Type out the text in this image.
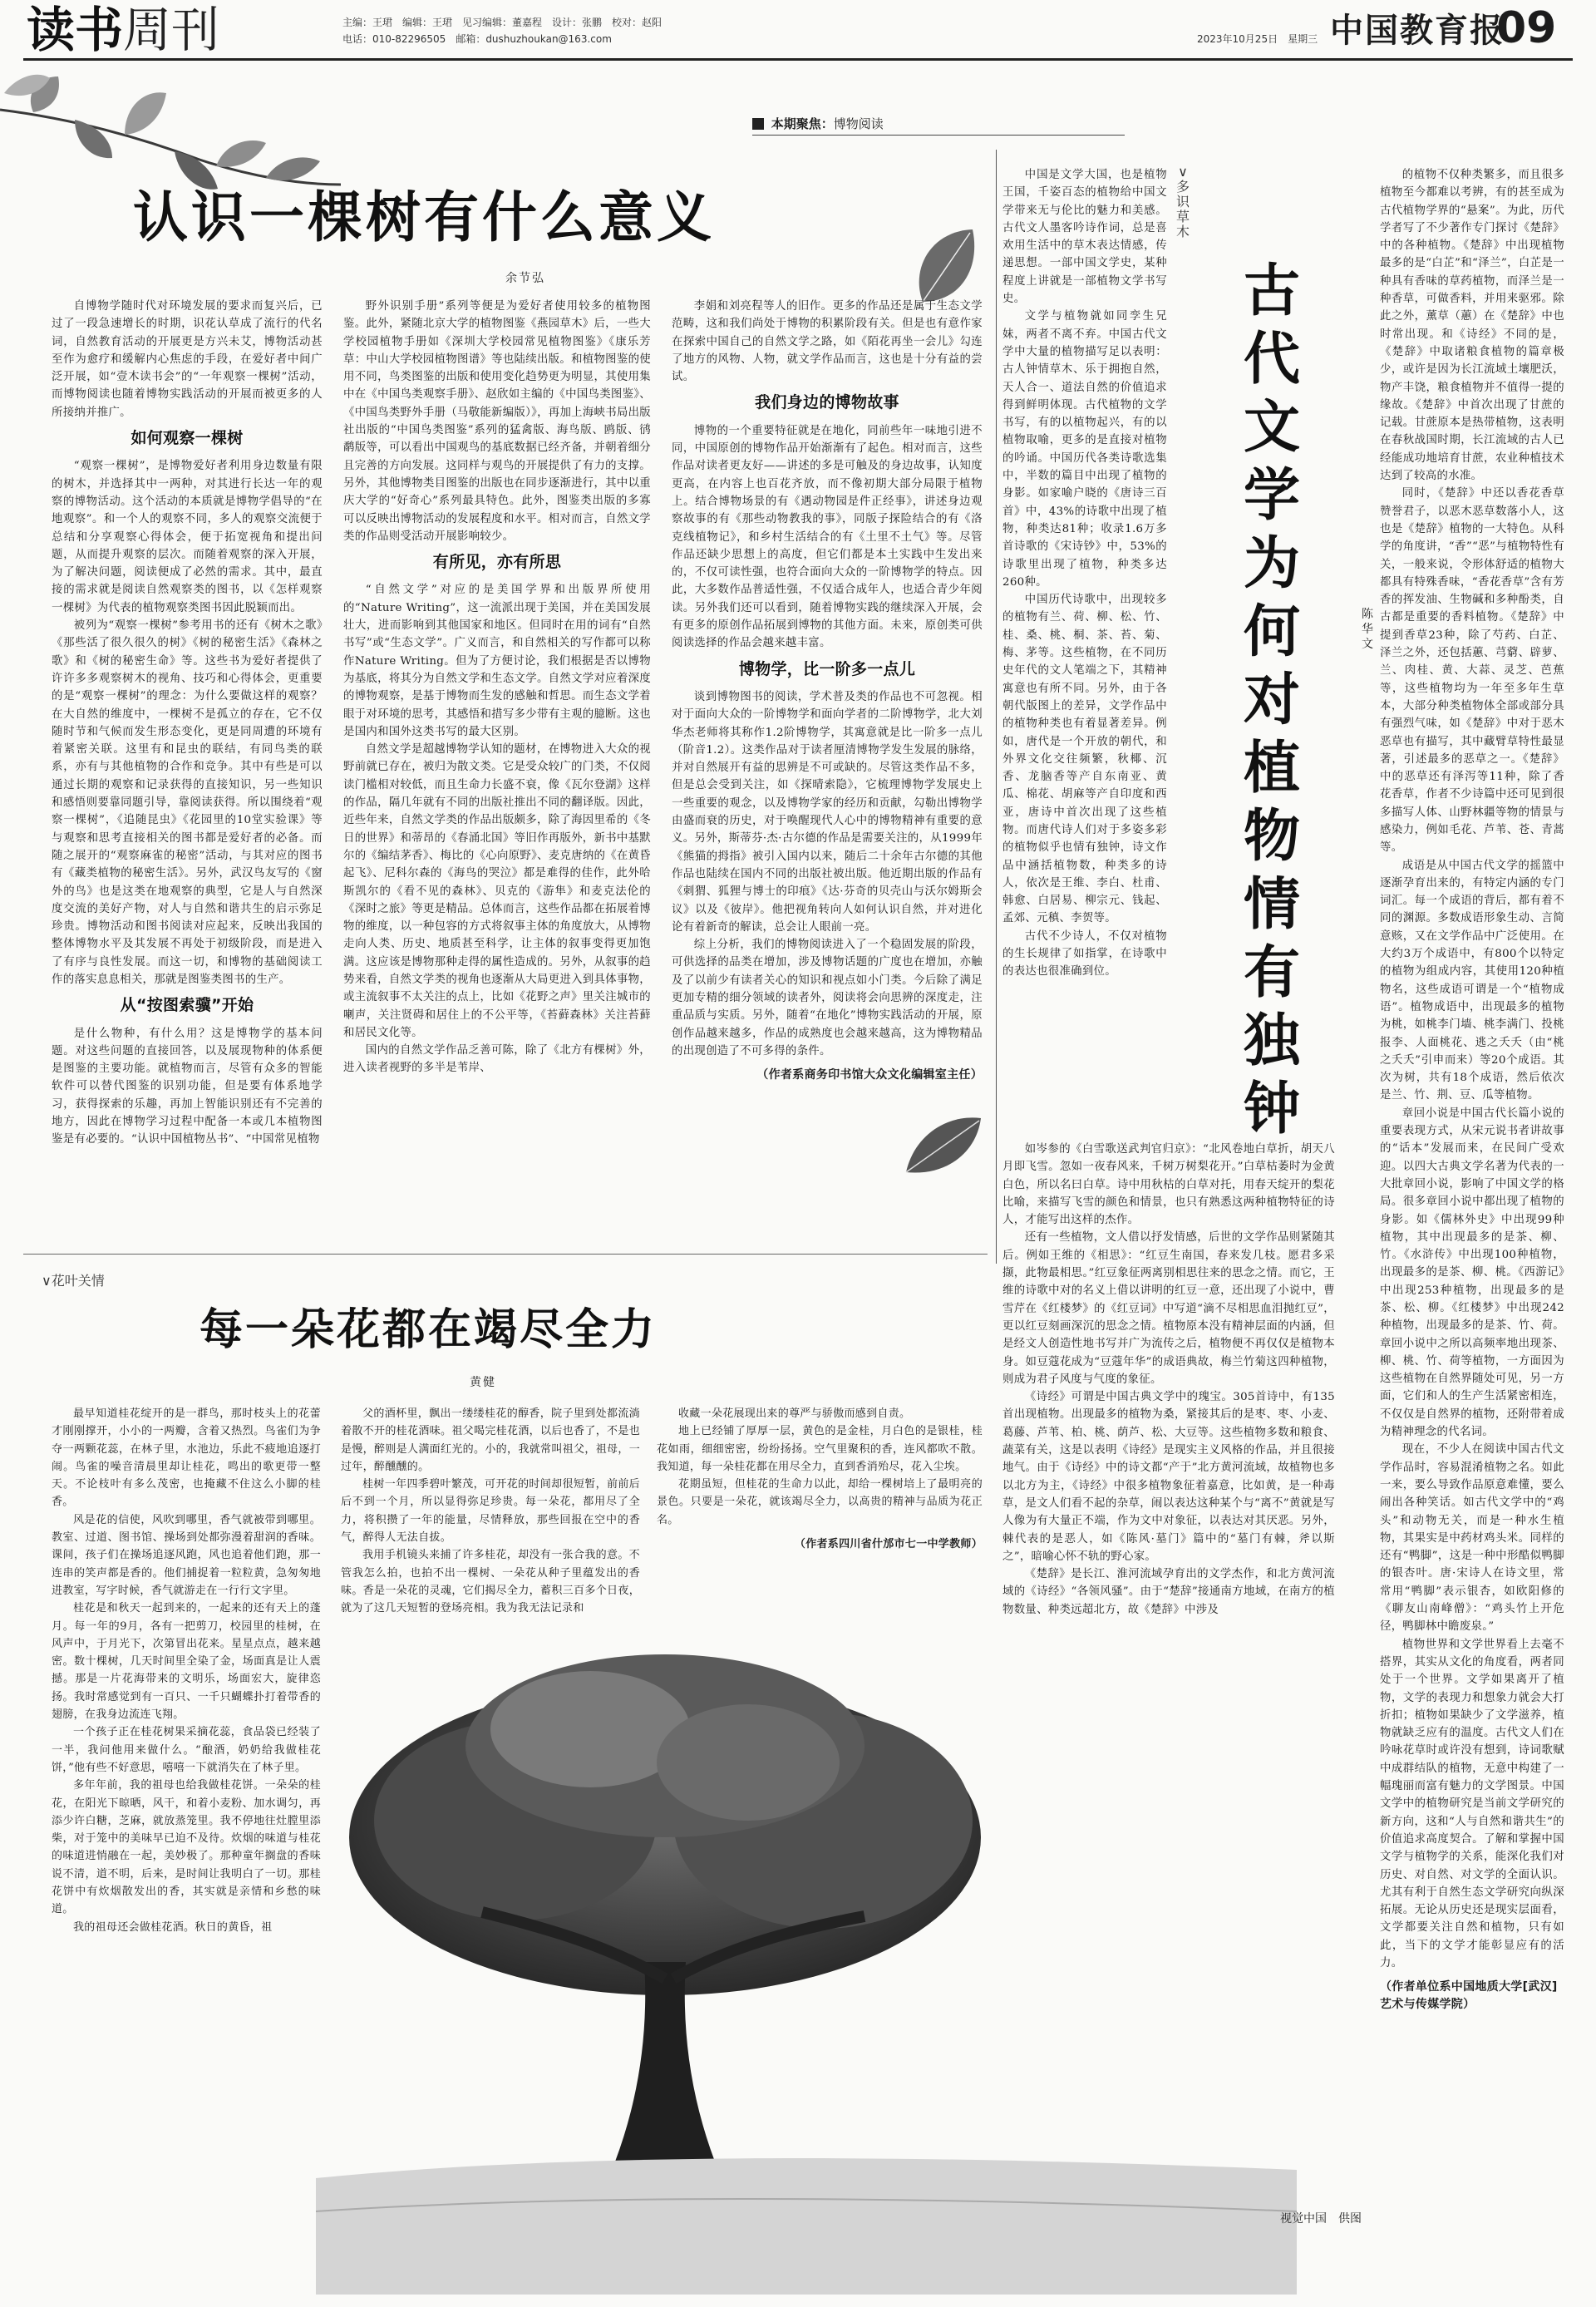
读书周刊	主编：王珺　编辑：王珺　见习编辑：董嘉程　设计：张鹏　校对：赵阳
电话：010-82296505　邮箱：dushuzhoukan@163.com	2023年10月25日　星期三 中国教育报
09
本期聚焦：博物阅读
认识一棵树有什么意义
余节弘

自博物学随时代对环境发展的要求而复兴后，已过了一段急速增长的时期，识花认草成了流行的代名词，自然教育活动的开展更是方兴未艾，博物活动甚至作为愈疗和缓解内心焦虑的手段，在爱好者中间广泛开展，如“壹木读书会”的“一年观察一棵树”活动，而博物阅读也随着博物实践活动的开展而被更多的人所接纳并推广。

如何观察一棵树

“观察一棵树”，是博物爱好者利用身边数量有限的树木，并选择其中一两种，对其进行长达一年的观察的博物活动。这个活动的本质就是博物学倡导的“在地观察”。和一个人的观察不同，多人的观察交流便于总结和分享观察心得体会，便于拓宽视角和提出问题，从而提升观察的层次。而随着观察的深入开展，为了解决问题，阅读便成了必然的需求。其中，最直接的需求就是阅读自然观察类的图书，以《怎样观察一棵树》为代表的植物观察类图书因此脱颖而出。

被列为“观察一棵树”参考用书的还有《树木之歌》《那些活了很久很久的树》《树的秘密生活》《森林之歌》和《树的秘密生命》等。这些书为爱好者提供了许许多多观察树木的视角、技巧和心得体会，更重要的是“观察一棵树”的理念：为什么要做这样的观察？在大自然的维度中，一棵树不是孤立的存在，它不仅随时节和气候而发生形态变化，更是同周遭的环境有着紧密关联。这里有和昆虫的联结，有同鸟类的联系，亦有与其他植物的合作和竞争。其中有些是可以通过长期的观察和记录获得的直接知识，另一些知识和感悟则要靠同题引导，靠阅读获得。所以围绕着“观察一棵树”，《追随昆虫》《花园里的10堂实验课》等与观察和思考直接相关的图书都是爱好者的必备。而随之展开的“观察麻雀的秘密”活动，与其对应的图书有《藏类植物的秘密生活》。另外，武汉鸟友写的《窗外的鸟》也是这类在地观察的典型，它是人与自然深度交流的美好产物，对人与自然和谐共生的启示弥足珍贵。博物活动和图书阅读对应起来，反映出我国的整体博物水平及其发展不再处于初级阶段，而是进入了有序与良性发展。而这一切，和博物的基础阅读工作的落实息息相关，那就是图鉴类图书的生产。

从“按图索骥”开始

是什么物种，有什么用？这是博物学的基本问题。对这些问题的直接回答，以及展现物种的体系便是图鉴的主要功能。就植物而言，尽管有众多的智能软件可以替代图鉴的识别功能，但是要有体系地学习，获得探索的乐趣，再加上智能识别还有不完善的地方，因此在博物学习过程中配备一本或几本植物图鉴是有必要的。“认识中国植物丛书”、“中国常见植物

野外识别手册”系列等便是为爱好者使用较多的植物图鉴。此外，紧随北京大学的植物图鉴《燕园草木》后，一些大学校园植物手册如《深圳大学校园常见植物图鉴》《康乐芳草：中山大学校园植物图谱》等也陆续出版。和植物图鉴的使用不同，鸟类图鉴的出版和使用变化趋势更为明显，其使用集中在《中国鸟类观察手册》、赵欣如主编的《中国鸟类图鉴》、《中国鸟类野外手册（马敬能新编版）》，再加上海峡书局出版社出版的“中国鸟类图鉴”系列的猛禽版、海鸟版、鸥版、鸻鹬版等，可以看出中国观鸟的基底数据已经齐备，并朝着细分且完善的方向发展。这同样与观鸟的开展提供了有力的支撑。另外，其他博物类目图鉴的出版也在同步逐渐进行，其中以重庆大学的“好奇心”系列最具特色。此外，图鉴类出版的多寡可以反映出博物活动的发展程度和水平。相对而言，自然文学类的作品则受活动开展影响较少。

有所见，亦有所思

“自然文学”对应的是美国学界和出版界所使用的“Nature Writing”，这一流派出现于美国，并在美国发展壮大，进而影响到其他国家和地区。但同时在用的词有“自然书写”或“生态文学”。广义而言，和自然相关的写作都可以称作Nature Writing。但为了方便讨论，我们根据是否以博物为基底，将其分为自然文学和生态文学。自然文学对应着深度的博物观察，是基于博物而生发的感触和哲思。而生态文学着眼于对环境的思考，其感悟和措写多少带有主观的臆断。这也是国内和国外这类书写的最大区别。

自然文学是超越博物学认知的题材，在博物进入大众的视野前就已存在，被归为散文类。它是受众较广的门类，不仅阅读门槛相对较低，而且生命力长盛不衰，像《瓦尔登湖》这样的作品，隔几年就有不同的出版社推出不同的翻译版。因此，近些年来，自然文学类的作品出版颇多，除了海因里希的《冬日的世界》和蒂昂的《春涌北国》等旧作再版外，新书中基默尔的《编结茅香》、梅比的《心向原野》、麦克唐纳的《在黄昏起飞》、尼科尔森的《海鸟的哭泣》都是难得的佳作，此外哈斯凯尔的《看不见的森林》、贝克的《游隼》和麦克法伦的《深时之旅》等更是精品。总体而言，这些作品都在拓展着博物的维度，以一种包容的方式将叙事主体的角度放大，从博物走向人类、历史、地质甚至科学，让主体的叙事变得更加饱满。这应该是博物那种走得的属性造成的。另外，从叙事的趋势来看，自然文学类的视角也逐渐从大局更进入到具体事物，或主流叙事不太关注的点上，比如《花野之声》里关注城市的喇声，关注贤碍和居住上的不公平等，《苔藓森林》关注苔藓和居民文化等。

国内的自然文学作品乏善可陈，除了《北方有棵树》外，进入读者视野的多半是苇岸、

李娟和刘亮程等人的旧作。更多的作品还是属于生态文学范畴，这和我们尚处于博物的积累阶段有关。但是也有意作家在探索中国自己的自然文学之路，如《陌花再坐一会儿》勾连了地方的风物、人物，就文学作品而言，这也是十分有益的尝试。

我们身边的博物故事

博物的一个重要特征就是在地化，同前些年一味地引进不同，中国原创的博物作品开始渐渐有了起色。相对而言，这些作品对读者更友好——讲述的多是可触及的身边故事，认知度更高，在内容上也百花齐放，而不像初期大部分局限于植物上。结合博物场景的有《遇动物园是件正经事》，讲述身边观察故事的有《那些动物教我的事》，同版子探险结合的有《洛克线植物记》，和乡村生活结合的有《土里不土气》等。尽管作品还缺少思想上的高度，但它们都是本土实践中生发出来的，不仅可读性强，也符合面向大众的一阶博物学的特点。因此，大多数作品普适性强，不仅适合成年人，也适合青少年阅读。另外我们还可以看到，随着博物实践的继续深入开展，会有更多的原创作品拓展到博物的其他方面。未来，原创类可供阅读选择的作品会越来越丰富。

博物学，比一阶多一点儿

谈到博物图书的阅读，学术普及类的作品也不可忽视。相对于面向大众的一阶博物学和面向学者的二阶博物学，北大刘华杰老师将其称作1.2阶博物学，其寓意就是比一阶多一点儿（阶音1.2）。这类作品对于读者厘清博物学发生发展的脉络，并对自然展开有益的思辨是不可或缺的。尽管这类作品不多，但是总会受到关注，如《探晴索隐》，它梳理博物学发展史上一些重要的观念，以及博物学家的经历和贡献，勾勒出博物学由盛而衰的历史，对于唤醒现代人心中的博物精神有重要的意义。另外，斯蒂芬·杰·古尔德的作品是需要关注的，从1999年《熊猫的拇指》被引入国内以来，随后二十余年古尔德的其他作品也陆续在国内不同的出版社被出版。他近期出版的作品有《刺猬、狐狸与博士的印痕》《达·芬奇的贝壳山与沃尔姆斯会议》以及《彼岸》。他把视角转向人如何认识自然，并对进化论有着新奇的解读，总会让人眼前一亮。

综上分析，我们的博物阅读进入了一个稳固发展的阶段，可供选择的品类在增加，涉及博物话题的广度也在增加，亦触及了以前少有读者关心的知识和视点如小门类。今后除了满足更加专精的细分领域的读者外，阅读将会向思辨的深度走，注重品质与实质。另外，随着“在地化”博物实践活动的开展，原创作品越来越多，作品的成熟度也会越来越高，这为博物精品的出现创造了不可多得的条件。

（作者系商务印书馆大众文化编辑室主任）
∨花叶关情
每一朵花都在竭尽全力
黄健

最早知道桂花绽开的是一群鸟，那时枝头上的花蕾才刚刚撑开，小小的一两瓣，含着又热烈。鸟雀们为争夺一两颗花蕊，在林子里，水池边，乐此不疲地追逐打闹。鸟雀的噪音清晨里却让桂花，鸣出的歌更带一整天。不论枝叶有多么茂密，也掩藏不住这么小脚的桂香。

风是花的信使，风吹到哪里，香气就被带到哪里。教室、过道、图书馆、操场到处都弥漫着甜润的香味。课间，孩子们在操场追逐风跑，风也追着他们跑，那一连串的笑声都是香的。他们捕捉着一粒粒黄，急匆匆地进教室，写字时候，香气就游走在一行行文字里。

桂花是和秋天一起到来的，一起来的还有天上的蓬月。每一年的9月，各有一把剪刀，校园里的桂树，在风声中，于月光下，次第冒出花来。星星点点，越来越密。数十棵树，几天时间里全染了金，场面真是让人震撼。那是一片花海带来的文明乐，场面宏大，旋律恣扬。我时常感觉到有一百只、一千只蝴蝶扑打着带香的翅膀，在我身边流连飞翔。

一个孩子正在桂花树果采摘花蕊，食品袋已经装了一半，我问他用来做什么。“酿酒，奶奶给我做桂花饼，”他有些不好意思，嘻嘻一下就消失在了林子里。

多年年前，我的祖母也给我做桂花饼。一朵朵的桂花，在阳光下晾晒，风干，和着小麦粉、加水调匀，再添少许白糖，芝麻，就放蒸笼里。我不停地往灶膛里添柴，对于笼中的美味早已迫不及待。炊烟的味道与桂花的味道进悄融在一起，美妙极了。那种童年搁盘的香味说不清，道不明，后来，是时间让我明白了一切。那桂花饼中有炊烟散发出的香，其实就是亲情和乡愁的味道。

我的祖母还会做桂花酒。秋日的黄昏，祖

父的酒杯里，飘出一缕缕桂花的醇香，院子里到处都流淌着散不开的桂花酒味。祖父喝完桂花酒，以后也香了，不是也是慢，醉则是人满面红光的。小的，我就常叫祖父，祖母，一过年，醉醺醺的。

桂树一年四季碧叶繁茂，可开花的时间却很短暂，前前后后不到一个月，所以显得弥足珍贵。每一朵花，都用尽了全力，将积攒了一年的能量，尽情释放，那些回报在空中的香气，醉得人无法自拔。

我用手机镜头来捕了许多桂花，却没有一张合我的意。不管我怎么拍，也拍不出一棵树、一朵花从种子里蕴发出的香味。香是一朵花的灵魂，它们揭尽全力，蓄积三百多个日夜，就为了这几天短暂的登场亮相。我为我无法记录和

收藏一朵花展现出来的尊严与骄傲而感到自责。

地上已经铺了厚厚一层，黄色的是金桂，月白色的是银桂，桂花如雨，细细密密，纷纷扬扬。空气里聚积的香，连风都吹不散。我知道，每一朵桂花都在用尽全力，直到香消殆尽，花入尘埃。

花期虽短，但桂花的生命力以此，却给一棵树培上了最明亮的景色。只要是一朵花，就该竭尽全力，以高贵的精神与品质为花正名。

（作者系四川省什邡市七一中学教师）
视觉中国　供图
∨
多识草木
古代文学为何对植物情有独钟
陈华文

中国是文学大国，也是植物王国，千姿百态的植物给中国文学带来无与伦比的魅力和美感。古代文人墨客吟诗作词，总是喜欢用生活中的草木表达情感，传递思想。一部中国文学史，某种程度上讲就是一部植物文学书写史。

文学与植物就如同孪生兄妹，两者不离不弃。中国古代文学中大量的植物描写足以表明：古人钟情草木、乐于拥抱自然，天人合一、道法自然的价值追求得到鲜明体现。古代植物的文学书写，有的以植物起兴，有的以植物取喻，更多的是直接对植物的吟诵。中国历代各类诗歌选集中，半数的篇目中出现了植物的身影。如家喻户晓的《唐诗三百首》中，43%的诗歌中出现了植物，种类达81种；收录1.6万多首诗歌的《宋诗钞》中，53%的诗歌里出现了植物，种类多达260种。

中国历代诗歌中，出现较多的植物有兰、荷、柳、松、竹、桂、桑、桃、桐、茶、苔、菊、梅、茅等。这些植物，在不同历史年代的文人笔端之下，其精神寓意也有所不同。另外，由于各朝代版图上的差异，文学作品中的植物种类也有着显著差异。例如，唐代是一个开放的朝代，和外界文化交往频繁，秋椰、沉香、龙脑香等产自东南亚、黄瓜、棉花、胡麻等产自印度和西亚，唐诗中首次出现了这些植物。而唐代诗人们对于多姿多彩的植物似乎也情有独钟，诗文作品中涵括植物数，种类多的诗人，依次是王维、李白、杜甫、韩愈、白居易、柳宗元、钱起、孟郊、元稹、李贺等。

古代不少诗人，不仅对植物的生长规律了如指掌，在诗歌中的表达也很准确到位。

如岑参的《白雪歌送武判官归京》：“北风卷地白草折，胡天八月即飞雪。忽如一夜春风来，千树万树梨花开。”白草枯萎时为金黄白色，所以名曰白草。诗中用秋枯的白草对托，用春天绽开的梨花比喻，来描写飞雪的颜色和情景，也只有熟悉这两种植物特征的诗人，才能写出这样的杰作。

还有一些植物，文人借以抒发情感，后世的文学作品则紧随其后。例如王维的《相思》：“红豆生南国，春来发几枝。愿君多采撷，此物最相思。”红豆象征两离别相思往来的思念之情。而它，王维的诗歌中对的名义上借以讲明的红豆一意，还出现了小说中，曹雪芹在《红楼梦》的《红豆词》中写道“滴不尽相思血泪抛红豆”，更以红豆刻画深沉的思念之情。植物原本没有精神层面的内涵，但是经文人创造性地书写并广为流传之后，植物便不再仅仅是植物本身。如豆蔻花成为“豆蔻年华”的成语典故，梅兰竹菊这四种植物，则成为君子风度与气度的象征。

《诗经》可谓是中国古典文学中的瑰宝。305首诗中，有135首出现植物。出现最多的植物为桑，紧接其后的是枣、枣、小麦、葛藤、芦苇、柏、桃、荫芦、松、大豆等。这些植物多数和粮食、蔬菜有关，这是以表明《诗经》是现实主义风格的作品，并且很接地气。由于《诗经》中的诗文都“产于”北方黄河流域，故植物也多以北方为主，《诗经》中很多植物象征着嘉意，比如黄，是一种毒草，是文人们看不起的杂草，闹以表达这种某个与“离不”黄就是写人像为有大量正不端，作为文中对象征，以表达对其厌恶。另外，棘代表的是恶人，如《陈风·墓门》篇中的“墓门有棘，斧以斯之”，暗喻心怀不轨的野心家。

《楚辞》是长江、淮河流域孕育出的文学杰作，和北方黄河流域的《诗经》“各领风骚”。由于“楚辞”接通南方地域，在南方的植物数量、种类远超北方，故《楚辞》中涉及

的植物不仅种类繁多，而且很多植物至今都难以考辨，有的甚至成为古代植物学界的“悬案”。为此，历代学者写了不少著作专门探讨《楚辞》中的各种植物。《楚辞》中出现植物最多的是“白芷”和“泽兰”，白芷是一种具有香味的草药植物，而泽兰是一种香草，可做香料，并用来驱邪。除此之外，薰草（蕙）在《楚辞》中也时常出现。和《诗经》不同的是，《楚辞》中取诸粮食植物的篇章极少，或许是因为长江流域土壤肥沃，物产丰饶，粮食植物并不值得一提的缘故。《楚辞》中首次出现了甘蔗的记载。甘蔗原本是热带植物，这表明在春秋战国时期，长江流域的古人已经能成功地培育甘蔗，农业种植技术达到了较高的水准。

同时，《楚辞》中还以香花香草赞誉君子，以恶木恶草数落小人，这也是《楚辞》植物的一大特色。从科学的角度讲，“香”“恶”与植物特性有关，一般来说，令形体舒适的植物大都具有特殊香味，“香花香草”含有芳香的挥发油、生物碱和多种酚类，自古都是重要的香料植物。《楚辞》中提到香草23种，除了芍药、白芷、泽兰之外，还包括蕙、芎藭、辟萝、兰、肉桂、黄、大蒜、灵芝、芭蕉等，这些植物均为一年至多年生草本，大部分种类植物体全部或部分具有强烈气味，如《楚辞》中对于恶木恶草也有描写，其中藏臂草特性最显著，引述最多的恶草之一。《楚辞》中的恶草还有泽泻等11种，除了香花香草，作者不少诗篇中还可见到很多描写人体、山野林疆等物的情景与感染力，例如毛花、芦苇、苍、青蒿等。

成语是从中国古代文学的摇篮中逐渐孕育出来的，有特定内涵的专门词汇。每一个成语的背后，都有着不同的渊源。多数成语形象生动、言简意赅，又在文学作品中广泛使用。在大约3万个成语中，有800个以特定的植物为组成内容，其使用120种植物名，这些成语可谓是一个“植物成语”。植物成语中，出现最多的植物为桃，如桃李门墙、桃李满门、投桃报李、人面桃花、逃之夭夭（由“桃之夭夭”引申而来）等20个成语。其次为树，共有18个成语，然后依次是兰、竹、荆、豆、瓜等植物。

章回小说是中国古代长篇小说的重要表现方式，从宋元说书者讲故事的“话本”发展而来，在民间广受欢迎。以四大古典文学名著为代表的一大批章回小说，影响了中国文学的格局。很多章回小说中都出现了植物的身影。如《儒林外史》中出现99种植物，其中出现最多的是茶、柳、竹。《水浒传》中出现100种植物，出现最多的是茶、柳、桃。《西游记》中出现253种植物，出现最多的是茶、松、柳。《红楼梦》中出现242种植物，出现最多的是茶、竹、荷。章回小说中之所以高频率地出现茶、柳、桃、竹、荷等植物，一方面因为这些植物在自然界随处可见，另一方面，它们和人的生产生活紧密相连，不仅仅是自然界的植物，还附带着成为精神理念的代名词。

现在，不少人在阅读中国古代文学作品时，容易混淆植物之名。如此一来，要么导致作品原意难懂，要么闹出各种笑话。如古代文学中的“鸡头”和动物无关，而是一种水生植物，其果实是中药材鸡头米。同样的还有“鸭脚”，这是一种中形酷似鸭脚的银杏叶。唐·宋诗人在诗文里，常常用“鸭脚”表示银杏，如欧阳修的《聊友山南峰僧》：“鸡头竹上开危径，鸭脚林中瞻废泉。”

植物世界和文学世界看上去毫不搭界，其实从文化的角度看，两者同处于一个世界。文学如果离开了植物，文学的表现力和想象力就会大打折扣；植物如果缺少了文学滋养，植物就缺乏应有的温度。古代文人们在吟咏花草时或许没有想到，诗词歌赋中成群结队的植物，无意中构建了一幅瑰丽而富有魅力的文学图景。中国文学中的植物研究是当前文学研究的新方向，这和“人与自然和谐共生”的价值追求高度契合。了解和掌握中国文学与植物学的关系，能深化我们对历史、对自然、对文学的全面认识。尤其有利于自然生态文学研究向纵深拓展。无论从历史还是现实层面看，文学都要关注自然和植物，只有如此，当下的文学才能彰显应有的活力。

（作者单位系中国地质大学[武汉]艺术与传媒学院）
